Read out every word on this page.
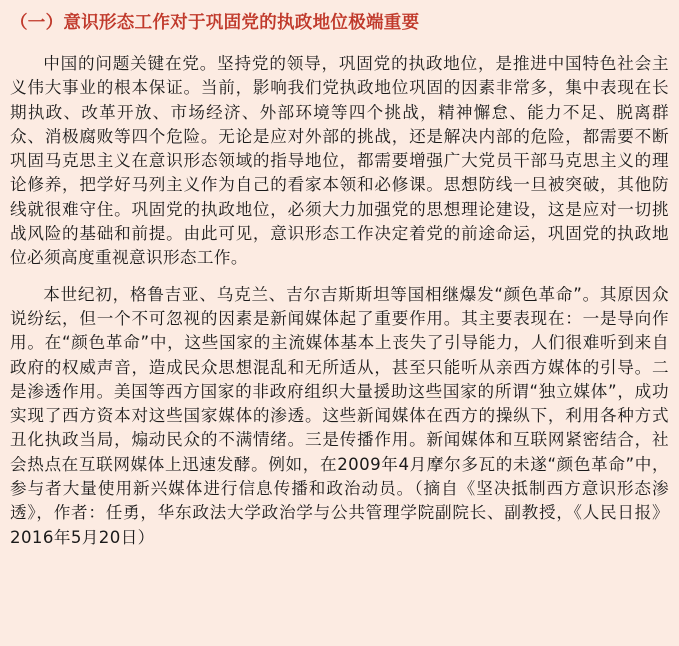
（一）意识形态工作对于巩固党的执政地位极端重要

中国的问题关键在党。坚持党的领导，巩固党的执政地位，是推进中国特色社会主义伟大事业的根本保证。当前，影响我们党执政地位巩固的因素非常多，集中表现在长期执政、改革开放、市场经济、外部环境等四个挑战，精神懈怠、能力不足、脱离群众、消极腐败等四个危险。无论是应对外部的挑战，还是解决内部的危险，都需要不断巩固马克思主义在意识形态领域的指导地位，都需要增强广大党员干部马克思主义的理论修养，把学好马列主义作为自己的看家本领和必修课。思想防线一旦被突破，其他防线就很难守住。巩固党的执政地位，必须大力加强党的思想理论建设，这是应对一切挑战风险的基础和前提。由此可见，意识形态工作决定着党的前途命运，巩固党的执政地位必须高度重视意识形态工作。

本世纪初，格鲁吉亚、乌克兰、吉尔吉斯斯坦等国相继爆发“颜色革命”。其原因众说纷纭，但一个不可忽视的因素是新闻媒体起了重要作用。其主要表现在：一是导向作用。在“颜色革命”中，这些国家的主流媒体基本上丧失了引导能力，人们很难听到来自政府的权威声音，造成民众思想混乱和无所适从，甚至只能听从亲西方媒体的引导。二是渗透作用。美国等西方国家的非政府组织大量援助这些国家的所谓“独立媒体”，成功实现了西方资本对这些国家媒体的渗透。这些新闻媒体在西方的操纵下，利用各种方式丑化执政当局，煽动民众的不满情绪。三是传播作用。新闻媒体和互联网紧密结合，社会热点在互联网媒体上迅速发酵。例如，在2009年4月摩尔多瓦的未遂“颜色革命”中，参与者大量使用新兴媒体进行信息传播和政治动员。（摘自《坚决抵制西方意识形态渗透》，作者：任勇，华东政法大学政治学与公共管理学院副院长、副教授，《人民日报》2016年5月20日）
